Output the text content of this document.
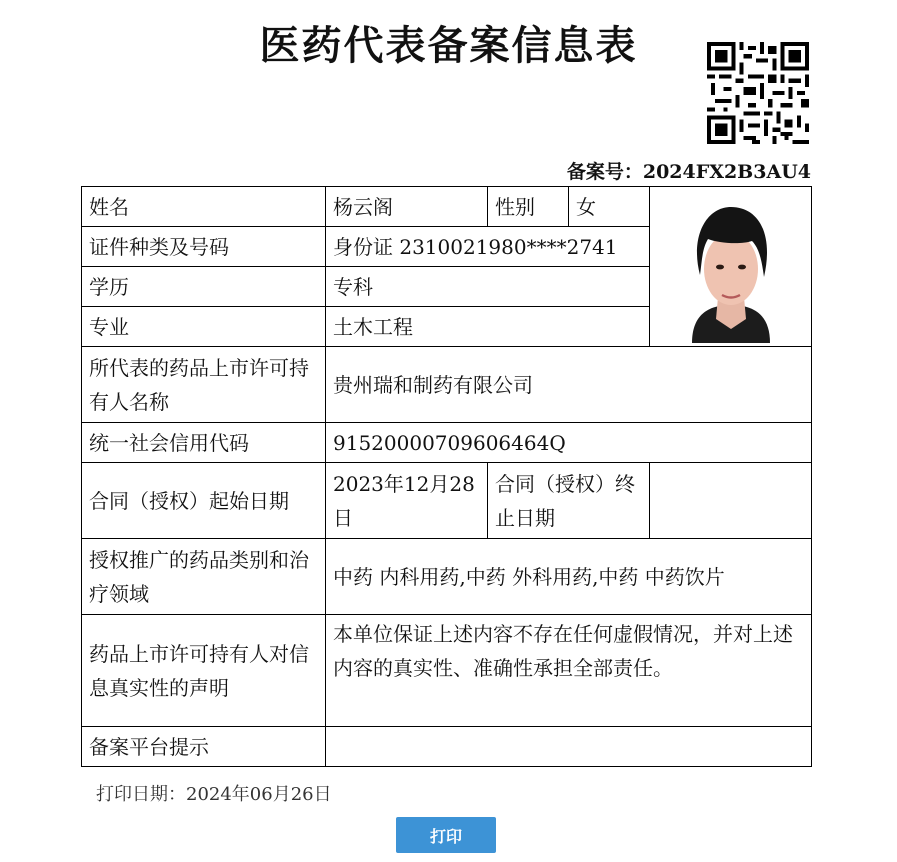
医药代表备案信息表
备案号：2024FX2B3AU4
姓名	杨云阁	性别	女	

证件种类及号码	身份证 2310021980****2741			
学历	专科			
专业	土木工程			
所代表的药品上市许可持有人名称	贵州瑞和制药有限公司			
统一社会信用代码	91520000709606464Q			
合同（授权）起始日期	2023年12月28日	合同（授权）终止日期		
授权推广的药品类别和治疗领域	中药 内科用药,中药 外科用药,中药 中药饮片			
药品上市许可持有人对信息真实性的声明	本单位保证上述内容不存在任何虚假情况，并对上述内容的真实性、准确性承担全部责任。			
备案平台提示				
打印日期：2024年06月26日
打印
